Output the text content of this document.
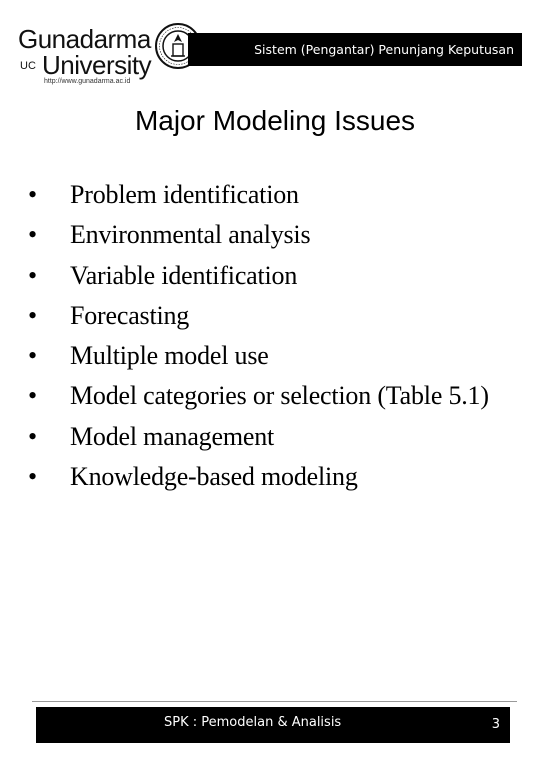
Gunadarma
UC University
http://www.gunadarma.ac.id
Sistem (Pengantar) Penunjang Keputusan
Major Modeling Issues
•	Problem identification
•	Environmental analysis
•	Variable identification
•	Forecasting
•	Multiple model use
•	Model categories or selection (Table 5.1)
•	Model management
•	Knowledge-based modeling
SPK : Pemodelan & Analisis	3
